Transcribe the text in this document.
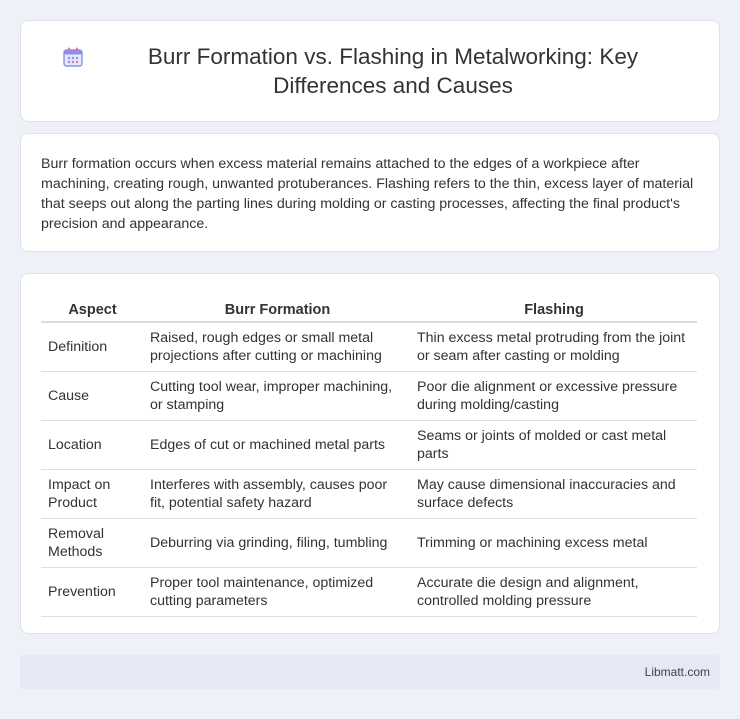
Burr Formation vs. Flashing in Metalworking: Key Differences and Causes

Burr formation occurs when excess material remains attached to the edges of a workpiece after machining, creating rough, unwanted protuberances. Flashing refers to the thin, excess layer of material that seeps out along the parting lines during molding or casting processes, affecting the final product's precision and appearance.

Aspect	Burr Formation	Flashing
Definition	Raised, rough edges or small metal projections after cutting or machining	Thin excess metal protruding from the joint or seam after casting or molding
Cause	Cutting tool wear, improper machining, or stamping	Poor die alignment or excessive pressure during molding/casting
Location	Edges of cut or machined metal parts	Seams or joints of molded or cast metal parts
Impact on Product	Interferes with assembly, causes poor fit, potential safety hazard	May cause dimensional inaccuracies and surface defects
Removal Methods	Deburring via grinding, filing, tumbling	Trimming or machining excess metal
Prevention	Proper tool maintenance, optimized cutting parameters	Accurate die design and alignment, controlled molding pressure
Libmatt.com
